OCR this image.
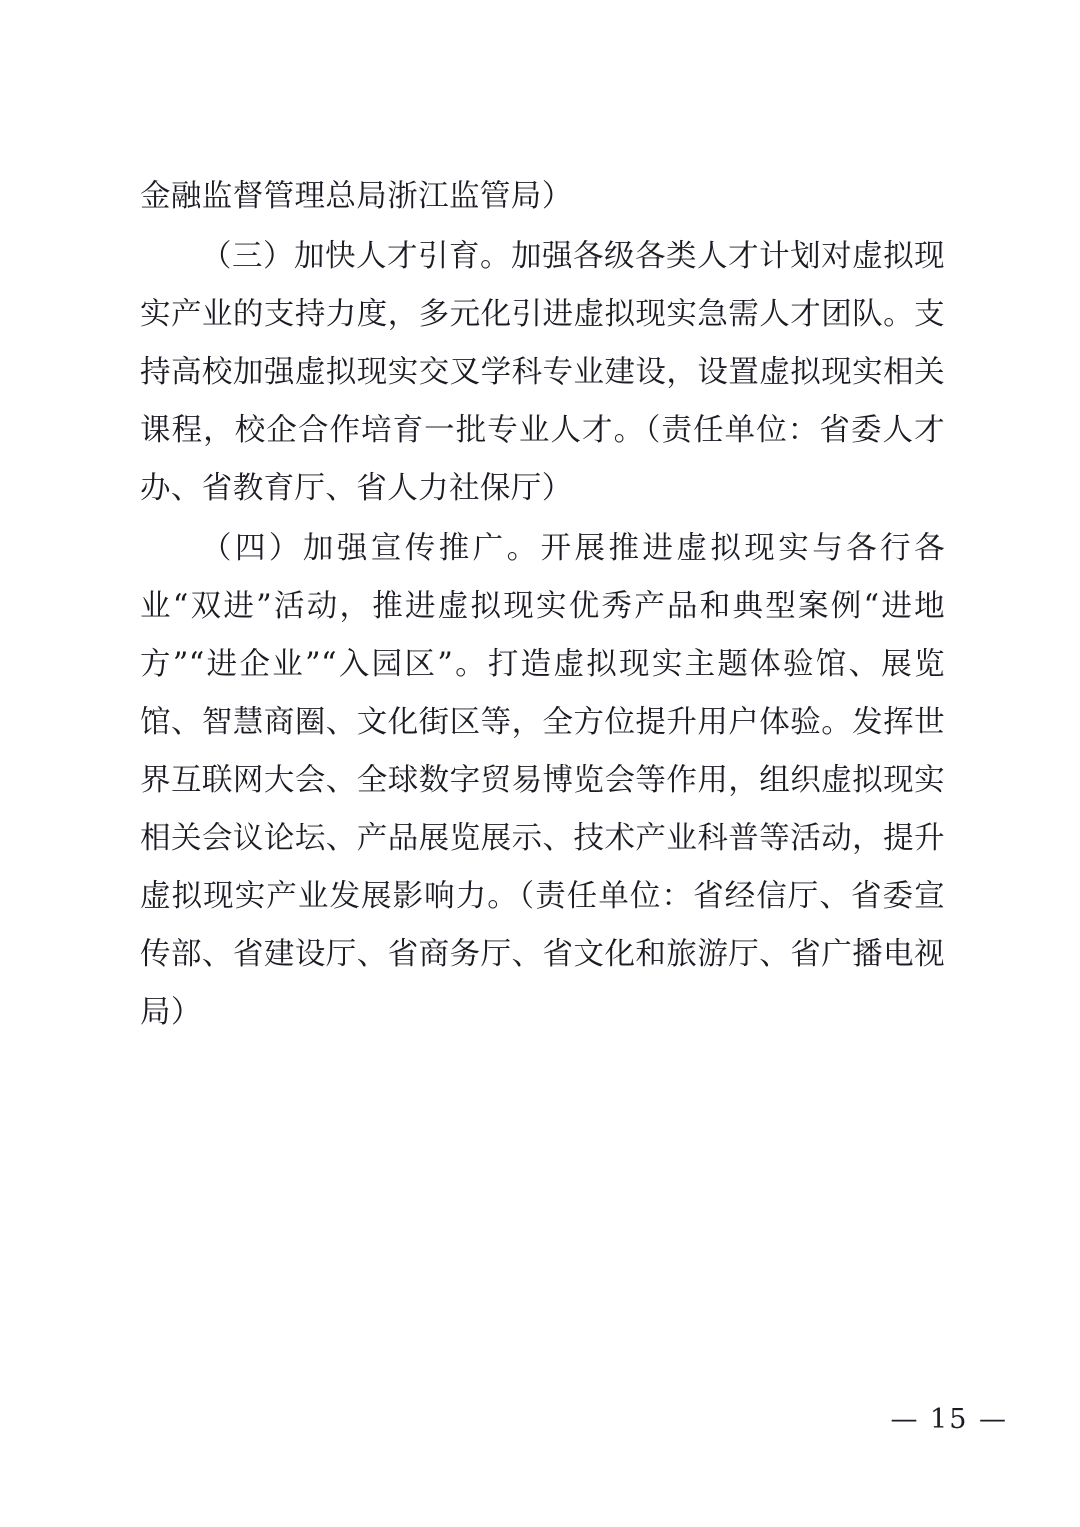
金融监督管理总局浙江监管局）

（三）加快人才引育。加强各级各类人才计划对虚拟现实产业的支持力度，多元化引进虚拟现实急需人才团队。支持高校加强虚拟现实交叉学科专业建设，设置虚拟现实相关课程，校企合作培育一批专业人才。（责任单位：省委人才办、省教育厅、省人力社保厅）

（四）加强宣传推广。开展推进虚拟现实与各行各业“双进”活动，推进虚拟现实优秀产品和典型案例“进地方”“进企业”“入园区”。打造虚拟现实主题体验馆、展览馆、智慧商圈、文化街区等，全方位提升用户体验。发挥世界互联网大会、全球数字贸易博览会等作用，组织虚拟现实相关会议论坛、产品展览展示、技术产业科普等活动，提升虚拟现实产业发展影响力。（责任单位：省经信厅、省委宣传部、省建设厅、省商务厅、省文化和旅游厅、省广播电视局）

— 15 —
